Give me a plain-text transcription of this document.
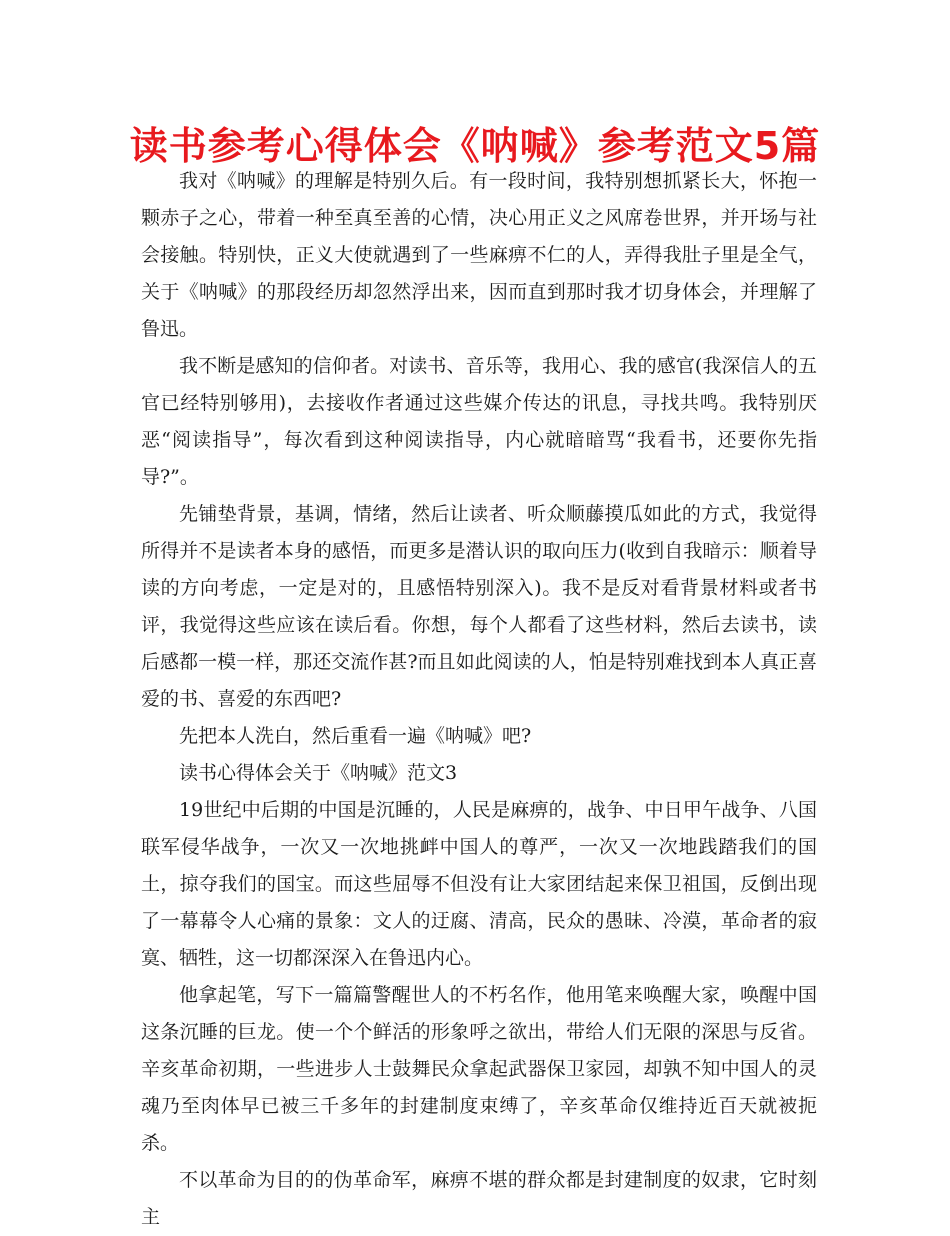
读书参考心得体会《呐喊》参考范文5篇

我对《呐喊》的理解是特别久后。有一段时间，我特别想抓紧长大，怀抱一颗赤子之心，带着一种至真至善的心情，决心用正义之风席卷世界，并开场与社会接触。特别快，正义大使就遇到了一些麻痹不仁的人，弄得我肚子里是全气，关于《呐喊》的那段经历却忽然浮出来，因而直到那时我才切身体会，并理解了鲁迅。

我不断是感知的信仰者。对读书、音乐等，我用心、我的感官(我深信人的五官已经特别够用)，去接收作者通过这些媒介传达的讯息，寻找共鸣。我特别厌恶“阅读指导”，每次看到这种阅读指导，内心就暗暗骂“我看书，还要你先指导?”。

先铺垫背景，基调，情绪，然后让读者、听众顺藤摸瓜如此的方式，我觉得所得并不是读者本身的感悟，而更多是潜认识的取向压力(收到自我暗示：顺着导读的方向考虑，一定是对的，且感悟特别深入)。我不是反对看背景材料或者书评，我觉得这些应该在读后看。你想，每个人都看了这些材料，然后去读书，读后感都一模一样，那还交流作甚?而且如此阅读的人，怕是特别难找到本人真正喜爱的书、喜爱的东西吧?

先把本人洗白，然后重看一遍《呐喊》吧?

读书心得体会关于《呐喊》范文3

19世纪中后期的中国是沉睡的，人民是麻痹的，战争、中日甲午战争、八国联军侵华战争，一次又一次地挑衅中国人的尊严，一次又一次地践踏我们的国土，掠夺我们的国宝。而这些屈辱不但没有让大家团结起来保卫祖国，反倒出现了一幕幕令人心痛的景象：文人的迂腐、清高，民众的愚昧、冷漠，革命者的寂寞、牺牲，这一切都深深入在鲁迅内心。

他拿起笔，写下一篇篇警醒世人的不朽名作，他用笔来唤醒大家，唤醒中国这条沉睡的巨龙。使一个个鲜活的形象呼之欲出，带给人们无限的深思与反省。辛亥革命初期，一些进步人士鼓舞民众拿起武器保卫家园，却孰不知中国人的灵魂乃至肉体早已被三千多年的封建制度束缚了，辛亥革命仅维持近百天就被扼杀。

不以革命为目的的伪革命军，麻痹不堪的群众都是封建制度的奴隶，它时刻主
